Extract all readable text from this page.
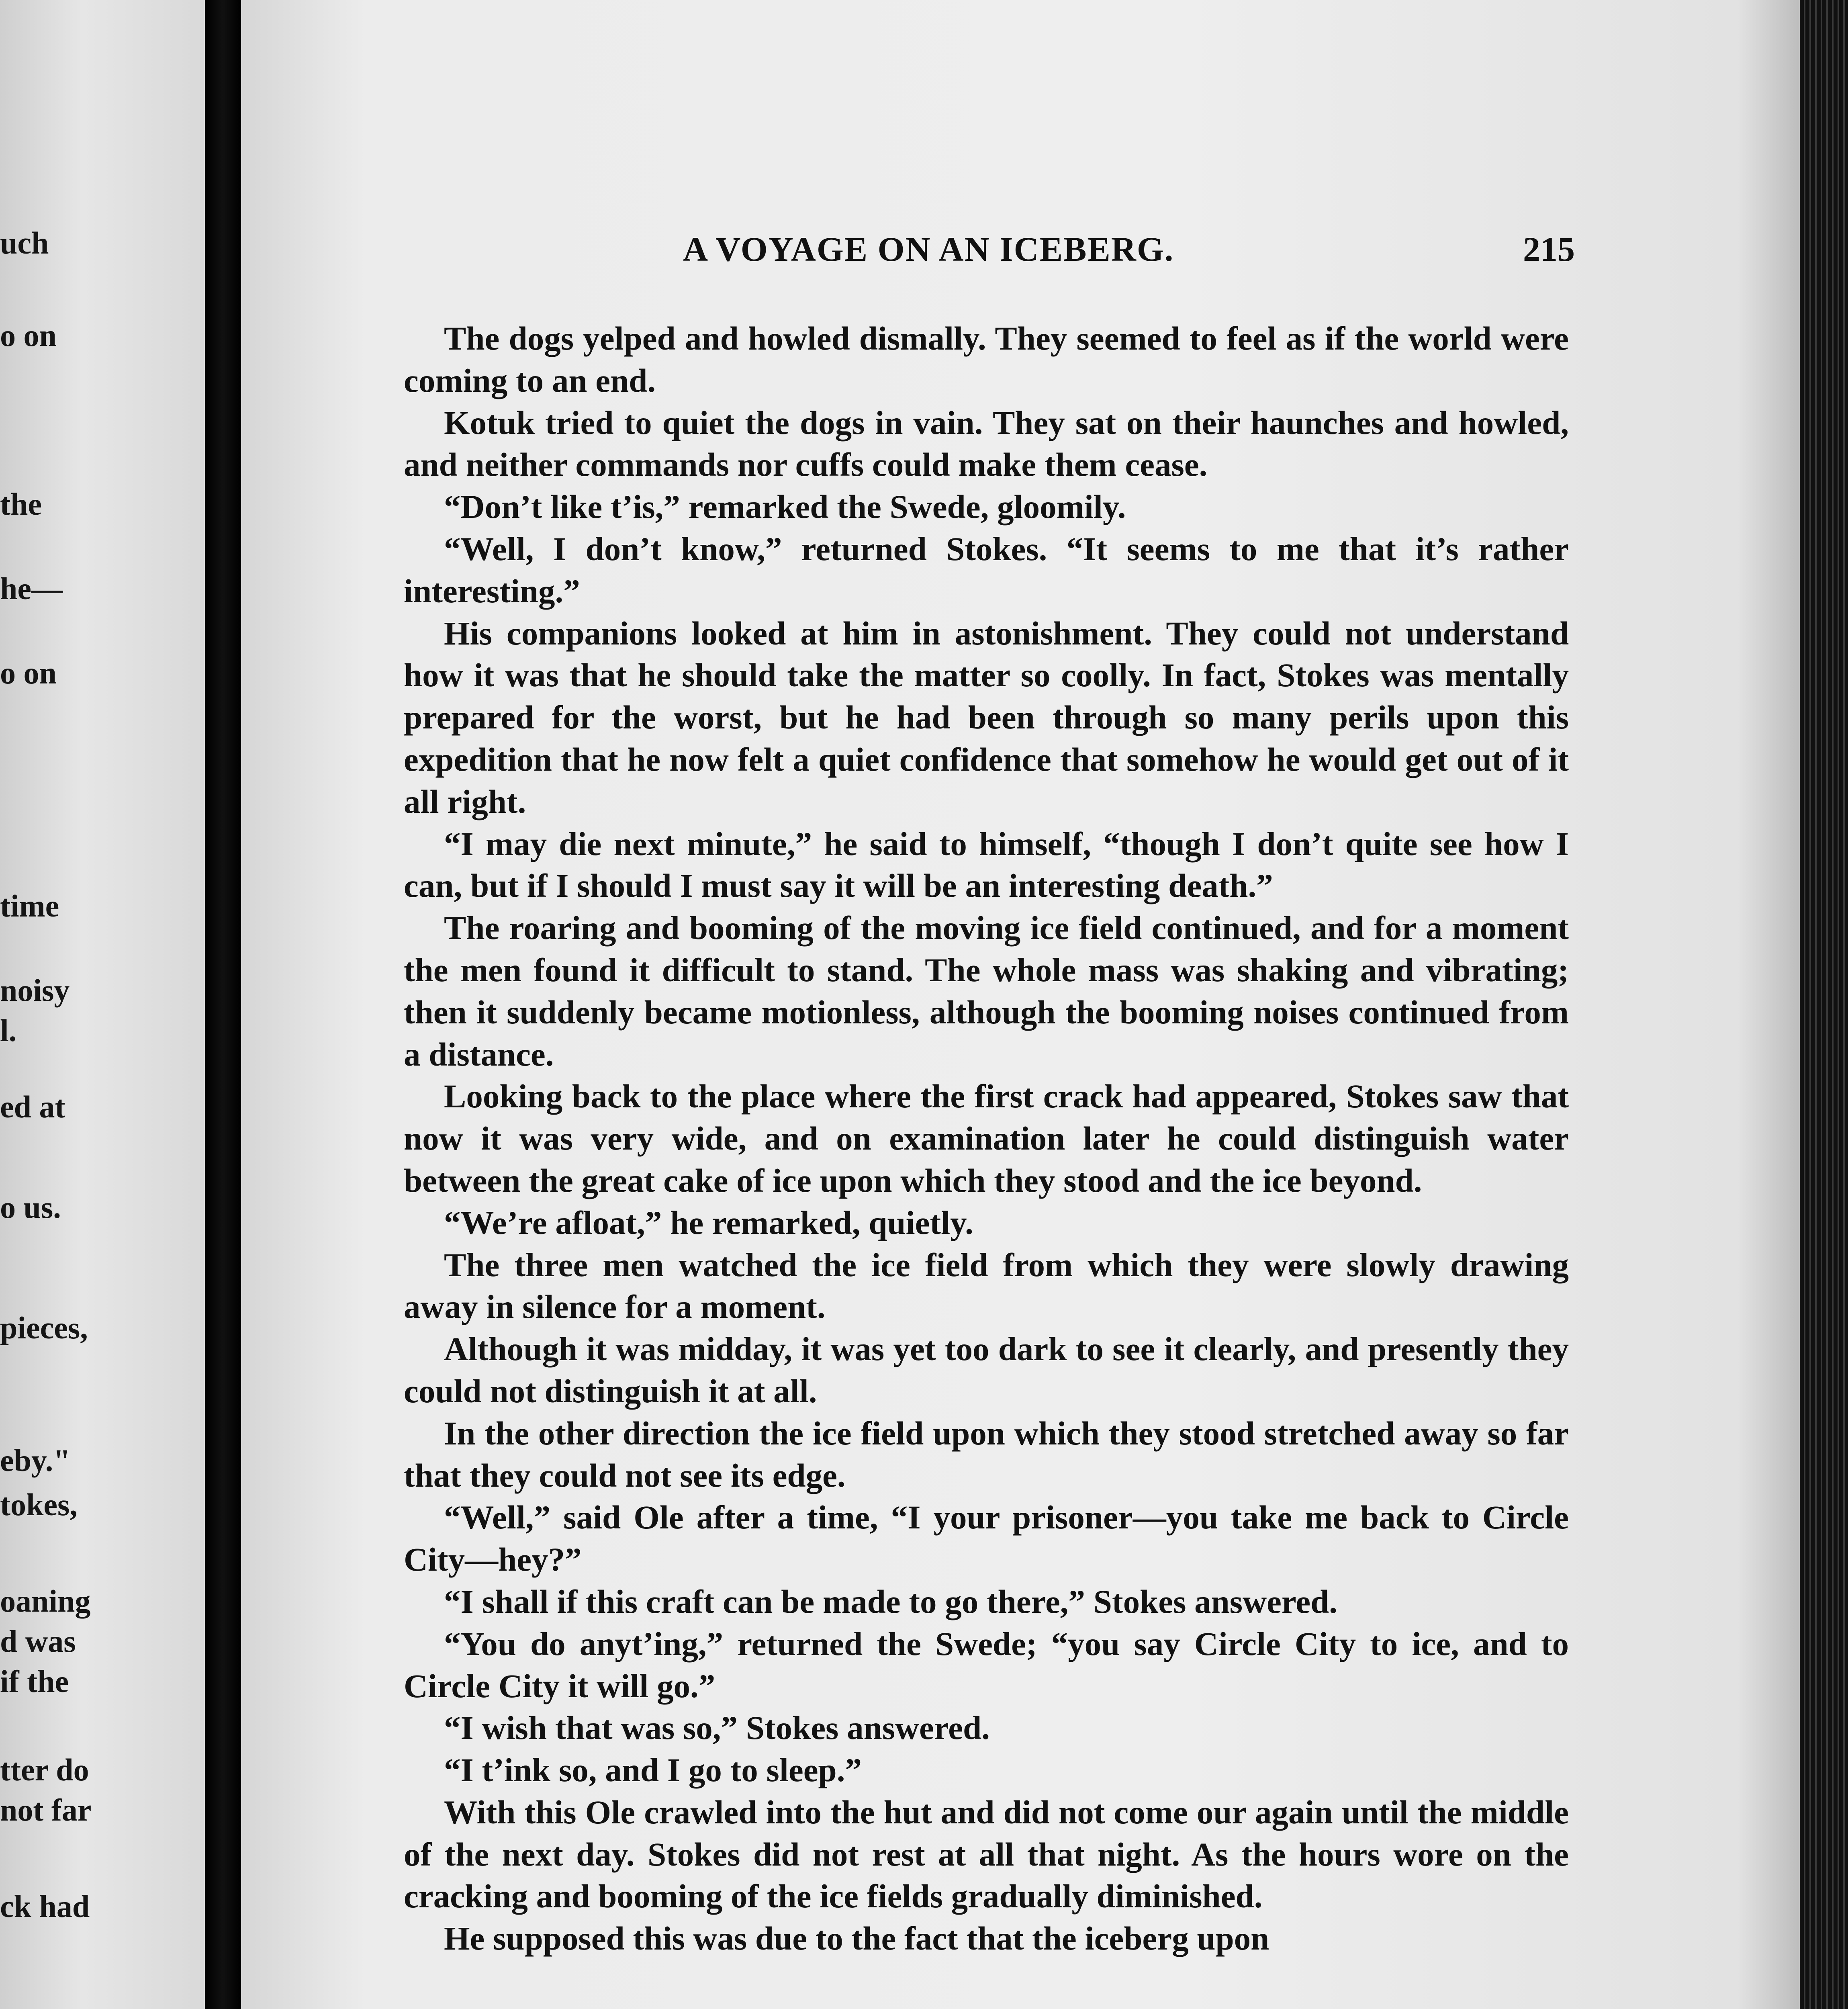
uch
o on
the
he—
o on
time
noisy
l.
ed at
o us.
pieces,
eby."
tokes,
oaning
d was
if the
tter do
not far
ck had
A VOYAGE ON AN ICEBERG.	215

The dogs yelped and howled dismally. They seemed to feel as if the world were coming to an end.

Kotuk tried to quiet the dogs in vain. They sat on their haunches and howled, and neither commands nor cuffs could make them cease.

“Don’t like t’is,” remarked the Swede, gloomily.

“Well, I don’t know,” returned Stokes. “It seems to me that it’s rather interesting.”

His companions looked at him in astonishment. They could not understand how it was that he should take the matter so coolly. In fact, Stokes was mentally prepared for the worst, but he had been through so many perils upon this expedition that he now felt a quiet confidence that somehow he would get out of it all right.

“I may die next minute,” he said to himself, “though I don’t quite see how I can, but if I should I must say it will be an interesting death.”

The roaring and booming of the moving ice field continued, and for a moment the men found it difficult to stand. The whole mass was shaking and vibrating; then it suddenly became motionless, although the booming noises continued from a distance.

Looking back to the place where the first crack had appeared, Stokes saw that now it was very wide, and on examination later he could distinguish water between the great cake of ice upon which they stood and the ice beyond.

“We’re afloat,” he remarked, quietly.

The three men watched the ice field from which they were slowly drawing away in silence for a moment.

Although it was midday, it was yet too dark to see it clearly, and presently they could not distinguish it at all.

In the other direction the ice field upon which they stood stretched away so far that they could not see its edge.

“Well,” said Ole after a time, “I your prisoner—you take me back to Circle City—hey?”

“I shall if this craft can be made to go there,” Stokes answered.

“You do anyt’ing,” returned the Swede; “you say Circle City to ice, and to Circle City it will go.”

“I wish that was so,” Stokes answered.

“I t’ink so, and I go to sleep.”

With this Ole crawled into the hut and did not come our again until the middle of the next day. Stokes did not rest at all that night. As the hours wore on the cracking and booming of the ice fields gradually diminished.

He supposed this was due to the fact that the iceberg upon
